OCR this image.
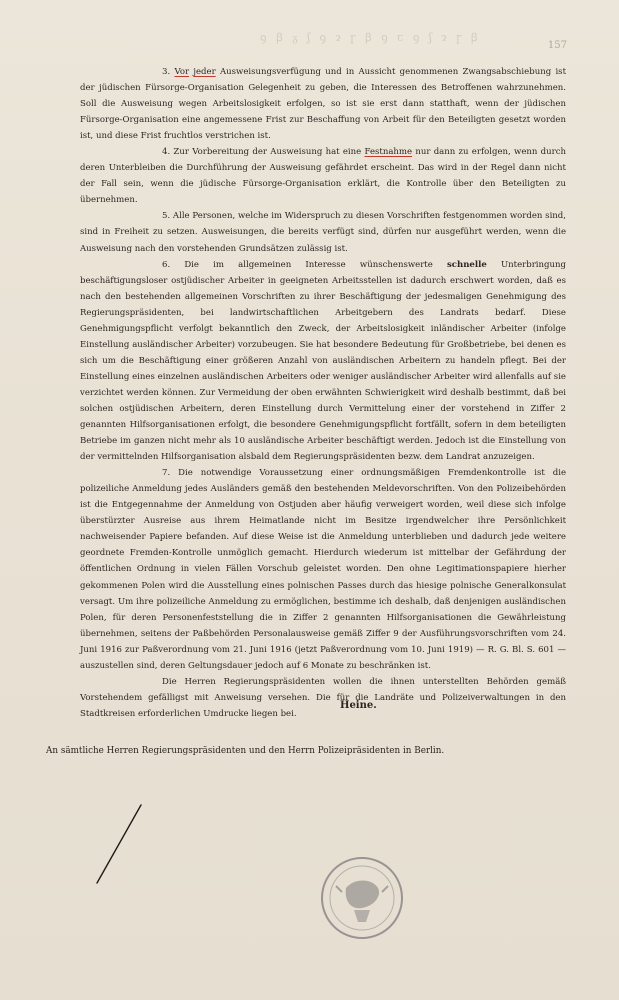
ꝯ ꞵ ᵹ ʃ ꝯ ɂ ɼ ꞵ ꝯ ꞇ ꝯ ʃ ɂ ɼ ꞵ
157

3. Vor jeder Ausweisungsverfügung und in Aussicht genommenen Zwangsabschiebung ist der jüdischen Fürsorge-Organisation Gelegenheit zu geben, die Interessen des Betroffenen wahrzunehmen. Soll die Ausweisung wegen Arbeitslosigkeit erfolgen, so ist sie erst dann statthaft, wenn der jüdischen Fürsorge-Organisation eine angemessene Frist zur Beschaffung von Arbeit für den Beteiligten gesetzt worden ist, und diese Frist fruchtlos verstrichen ist.

4. Zur Vorbereitung der Ausweisung hat eine Festnahme nur dann zu erfolgen, wenn durch deren Unterbleiben die Durchführung der Ausweisung gefährdet erscheint. Das wird in der Regel dann nicht der Fall sein, wenn die jüdische Fürsorge-Organisation erklärt, die Kontrolle über den Beteiligten zu übernehmen.

5. Alle Personen, welche im Widerspruch zu diesen Vorschriften festgenommen worden sind, sind in Freiheit zu setzen. Ausweisungen, die bereits verfügt sind, dürfen nur ausgeführt werden, wenn die Ausweisung nach den vorstehenden Grundsätzen zulässig ist.

6. Die im allgemeinen Interesse wünschenswerte schnelle Unterbringung beschäftigungsloser ostjüdischer Arbeiter in geeigneten Arbeitsstellen ist dadurch erschwert worden, daß es nach den bestehenden allgemeinen Vorschriften zu ihrer Beschäftigung der jedesmaligen Genehmigung des Regierungspräsidenten, bei landwirtschaftlichen Arbeitgebern des Landrats bedarf. Diese Genehmigungspflicht verfolgt bekanntlich den Zweck, der Arbeitslosigkeit inländischer Arbeiter (infolge Einstellung ausländischer Arbeiter) vorzubeugen. Sie hat besondere Bedeutung für Großbetriebe, bei denen es sich um die Beschäftigung einer größeren Anzahl von ausländischen Arbeitern zu handeln pflegt. Bei der Einstellung eines einzelnen ausländischen Arbeiters oder weniger ausländischer Arbeiter wird allenfalls auf sie verzichtet werden können. Zur Vermeidung der oben erwähnten Schwierigkeit wird deshalb bestimmt, daß bei solchen ostjüdischen Arbeitern, deren Einstellung durch Vermittelung einer der vorstehend in Ziffer 2 genannten Hilfsorganisationen erfolgt, die besondere Genehmigungspflicht fortfällt, sofern in dem beteiligten Betriebe im ganzen nicht mehr als 10 ausländische Arbeiter beschäftigt werden. Jedoch ist die Einstellung von der vermittelnden Hilfsorganisation alsbald dem Regierungspräsidenten bezw. dem Landrat anzuzeigen.

7. Die notwendige Voraussetzung einer ordnungsmäßigen Fremdenkontrolle ist die polizeiliche Anmeldung jedes Ausländers gemäß den bestehenden Meldevorschriften. Von den Polizeibehörden ist die Entgegennahme der Anmeldung von Ostjuden aber häufig verweigert worden, weil diese sich infolge überstürzter Ausreise aus ihrem Heimatlande nicht im Besitze irgendwelcher ihre Persönlichkeit nachweisender Papiere befanden. Auf diese Weise ist die Anmeldung unterblieben und dadurch jede weitere geordnete Fremden-Kontrolle unmöglich gemacht. Hierdurch wiederum ist mittelbar der Gefährdung der öffentlichen Ordnung in vielen Fällen Vorschub geleistet worden. Den ohne Legitimationspapiere hierher gekommenen Polen wird die Ausstellung eines polnischen Passes durch das hiesige polnische Generalkonsulat versagt. Um ihre polizeiliche Anmeldung zu ermöglichen, bestimme ich deshalb, daß denjenigen ausländischen Polen, für deren Personenfeststellung die in Ziffer 2 genannten Hilfsorganisationen die Gewährleistung übernehmen, seitens der Paßbehörden Personalausweise gemäß Ziffer 9 der Ausführungsvorschriften vom 24. Juni 1916 zur Paßverordnung vom 21. Juni 1916 (jetzt Paßverordnung vom 10. Juni 1919) — R. G. Bl. S. 601 — auszustellen sind, deren Geltungsdauer jedoch auf 6 Monate zu beschränken ist.

Die Herren Regierungspräsidenten wollen die ihnen unterstellten Behörden gemäß Vorstehendem gefälligst mit Anweisung versehen. Die für die Landräte und Polizeiverwaltungen in den Stadtkreisen erforderlichen Umdrucke liegen bei.

Heine.
An sämtliche Herren Regierungspräsidenten und den Herrn Polizeipräsidenten in Berlin.
